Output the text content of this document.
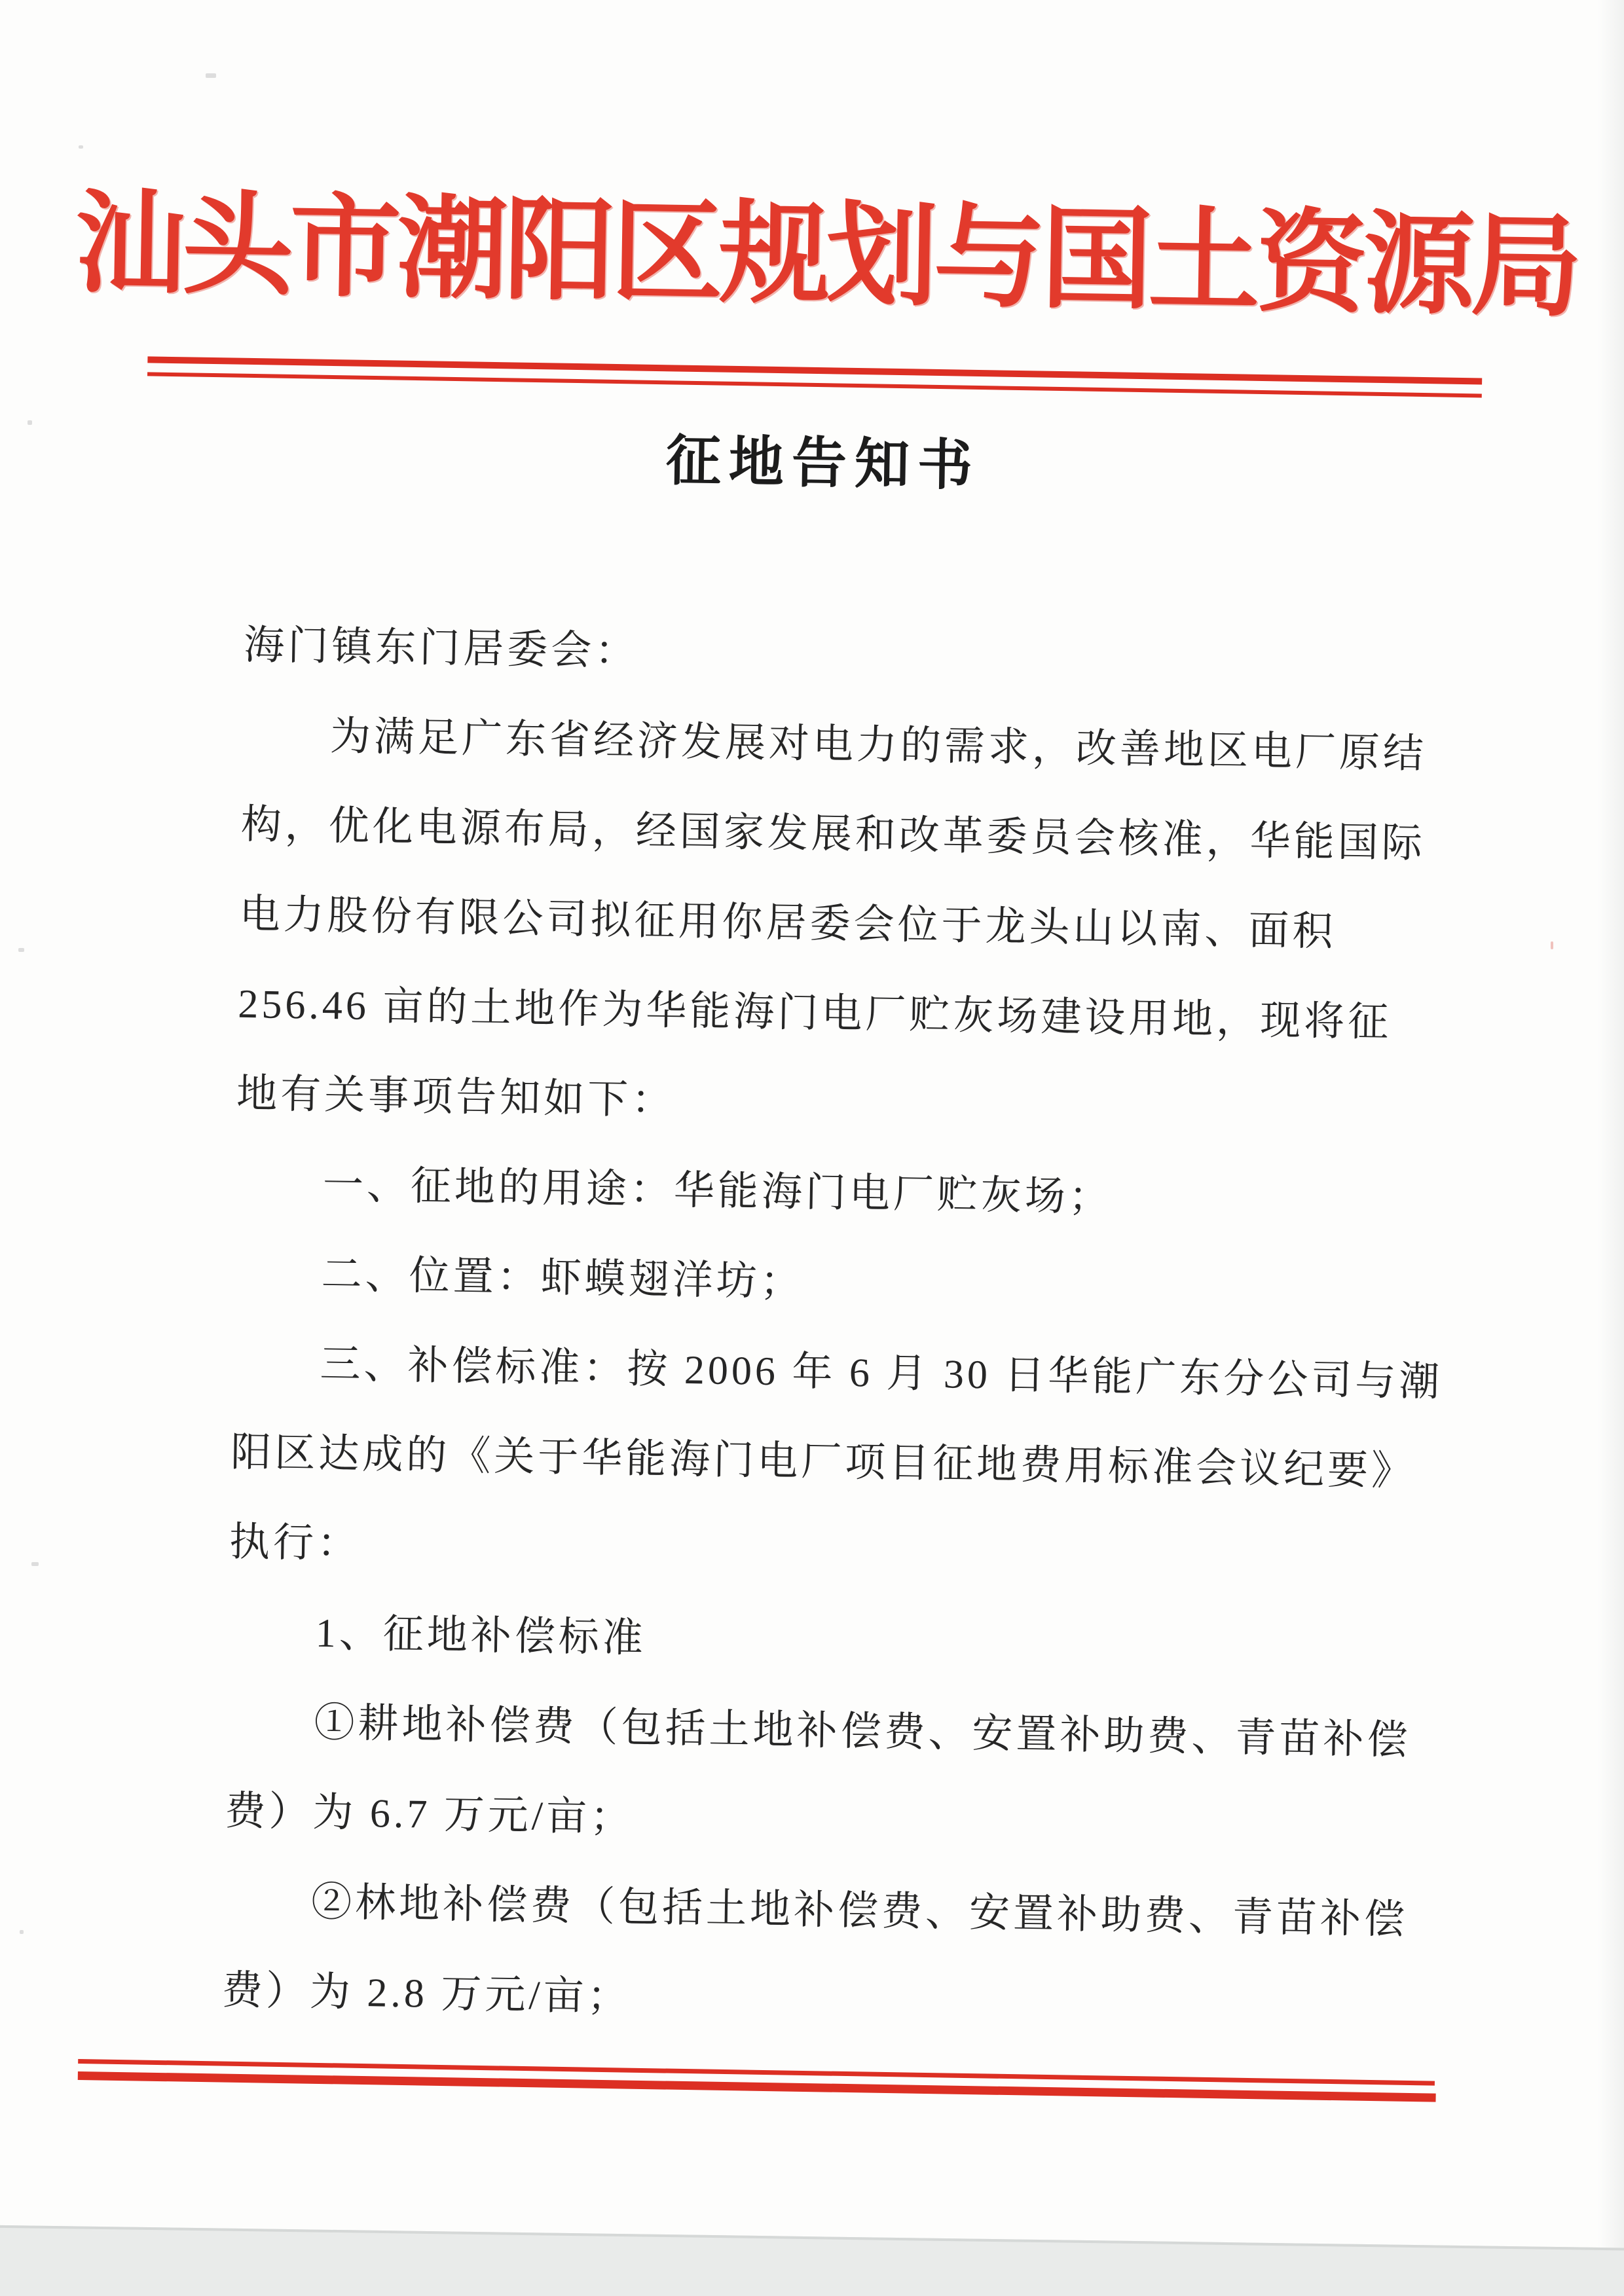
汕头市潮阳区规划与国土资源局
征地告知书
海门镇东门居委会：
为满足广东省经济发展对电力的需求，改善地区电厂原结
构，优化电源布局，经国家发展和改革委员会核准，华能国际
电力股份有限公司拟征用你居委会位于龙头山以南、面积
256.46 亩的土地作为华能海门电厂贮灰场建设用地，现将征
地有关事项告知如下：
一、征地的用途：华能海门电厂贮灰场；
二、位置：虾蟆翅洋坊；
三、补偿标准：按 2006 年 6 月 30 日华能广东分公司与潮
阳区达成的《关于华能海门电厂项目征地费用标准会议纪要》
执行：
1、征地补偿标准
①耕地补偿费（包括土地补偿费、安置补助费、青苗补偿
费）为 6.7 万元/亩；
②林地补偿费（包括土地补偿费、安置补助费、青苗补偿
费）为 2.8 万元/亩；
